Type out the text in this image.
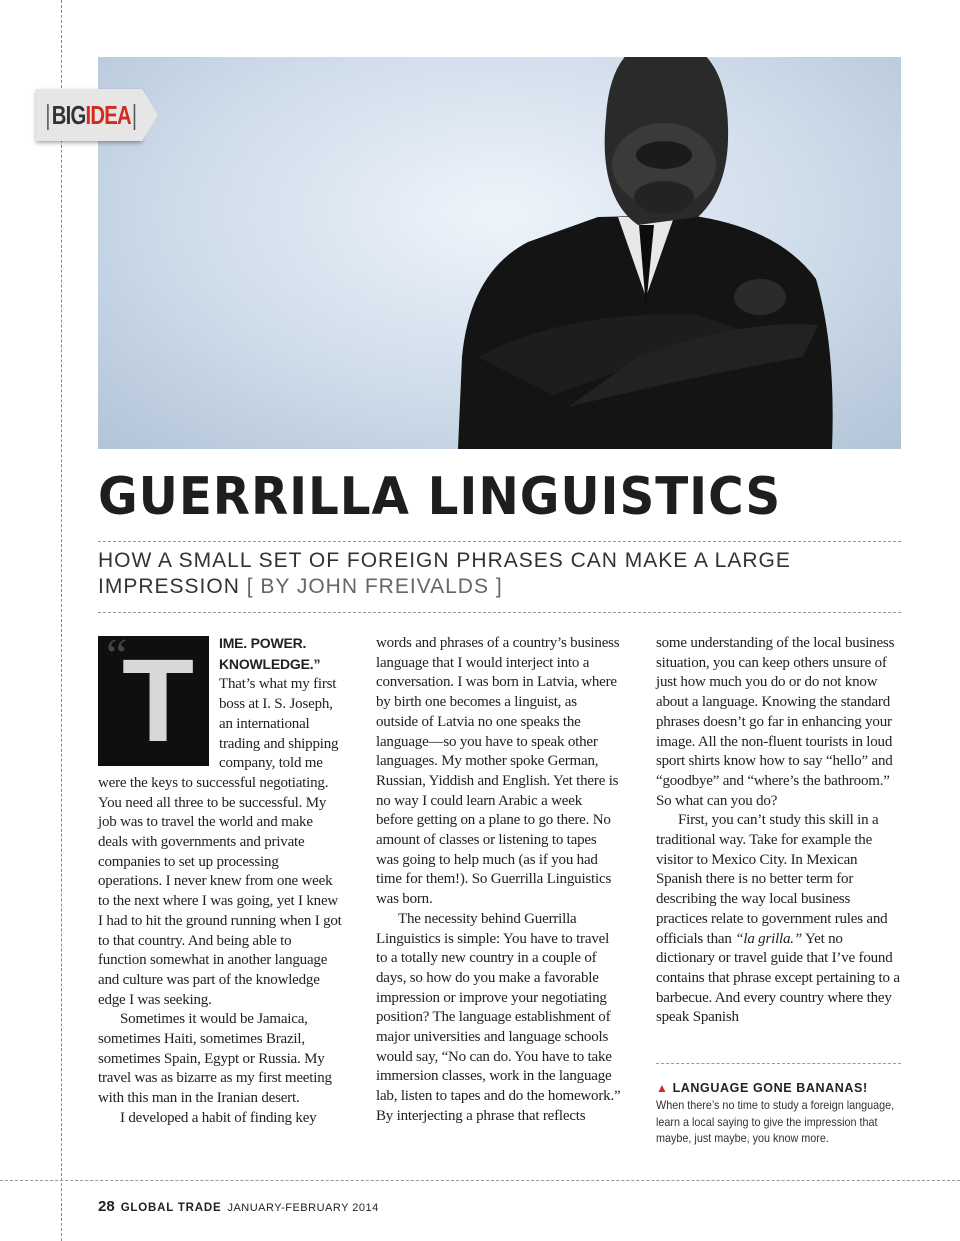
BIGIDEA
GUERRILLA LINGUISTICS
HOW A SMALL SET OF FOREIGN PHRASES CAN MAKE A LARGE IMPRESSION [ BY JOHN FREIVALDS ]
“
T	IME. POWER. KNOWLEDGE.” That’s what my first boss at I. S. Joseph, an international trading and shipping company, told me were the keys to successful negotiating. You need all three to be successful. My job was to travel the world and make deals with governments and private companies to set up processing operations. I never knew from one week to the next where I was going, yet I knew I had to hit the ground running when I got to that country. And being able to function somewhat in another language and culture was part of the knowledge edge I was seeking.

Sometimes it would be Jamaica, sometimes Haiti, sometimes Brazil, sometimes Spain, Egypt or Russia. My travel was as bizarre as my first meeting with this man in the Iranian desert.

I developed a habit of finding key

words and phrases of a country’s business language that I would interject into a conversation. I was born in Latvia, where by birth one becomes a linguist, as outside of Latvia no one speaks the language—so you have to speak other languages. My mother spoke German, Russian, Yiddish and English. Yet there is no way I could learn Arabic a week before getting on a plane to go there. No amount of classes or listening to tapes was going to help much (as if you had time for them!). So Guerrilla Linguistics was born.

The necessity behind Guerrilla Linguistics is simple: You have to travel to a totally new country in a couple of days, so how do you make a favorable impression or improve your negotiating position? The language establishment of major universities and language schools would say, “No can do. You have to take immersion classes, work in the language lab, listen to tapes and do the homework.” By interjecting a phrase that reflects

some understanding of the local business situation, you can keep others unsure of just how much you do or do not know about a language. Knowing the standard phrases doesn’t go far in enhancing your image. All the non-fluent tourists in loud sport shirts know how to say “hello” and “goodbye” and “where’s the bathroom.” So what can you do?

First, you can’t study this skill in a traditional way. Take for example the visitor to Mexico City. In Mexican Spanish there is no better term for describing the way local business practices relate to government rules and officials than “la grilla.” Yet no dictionary or travel guide that I’ve found contains that phrase except pertaining to a barbecue. And every country where they speak Spanish

▲ LANGUAGE GONE BANANAS!
When there’s no time to study a foreign language, learn a local saying to give the impression that maybe, just maybe, you know more.
28 GLOBAL TRADE JANUARY-FEBRUARY 2014
